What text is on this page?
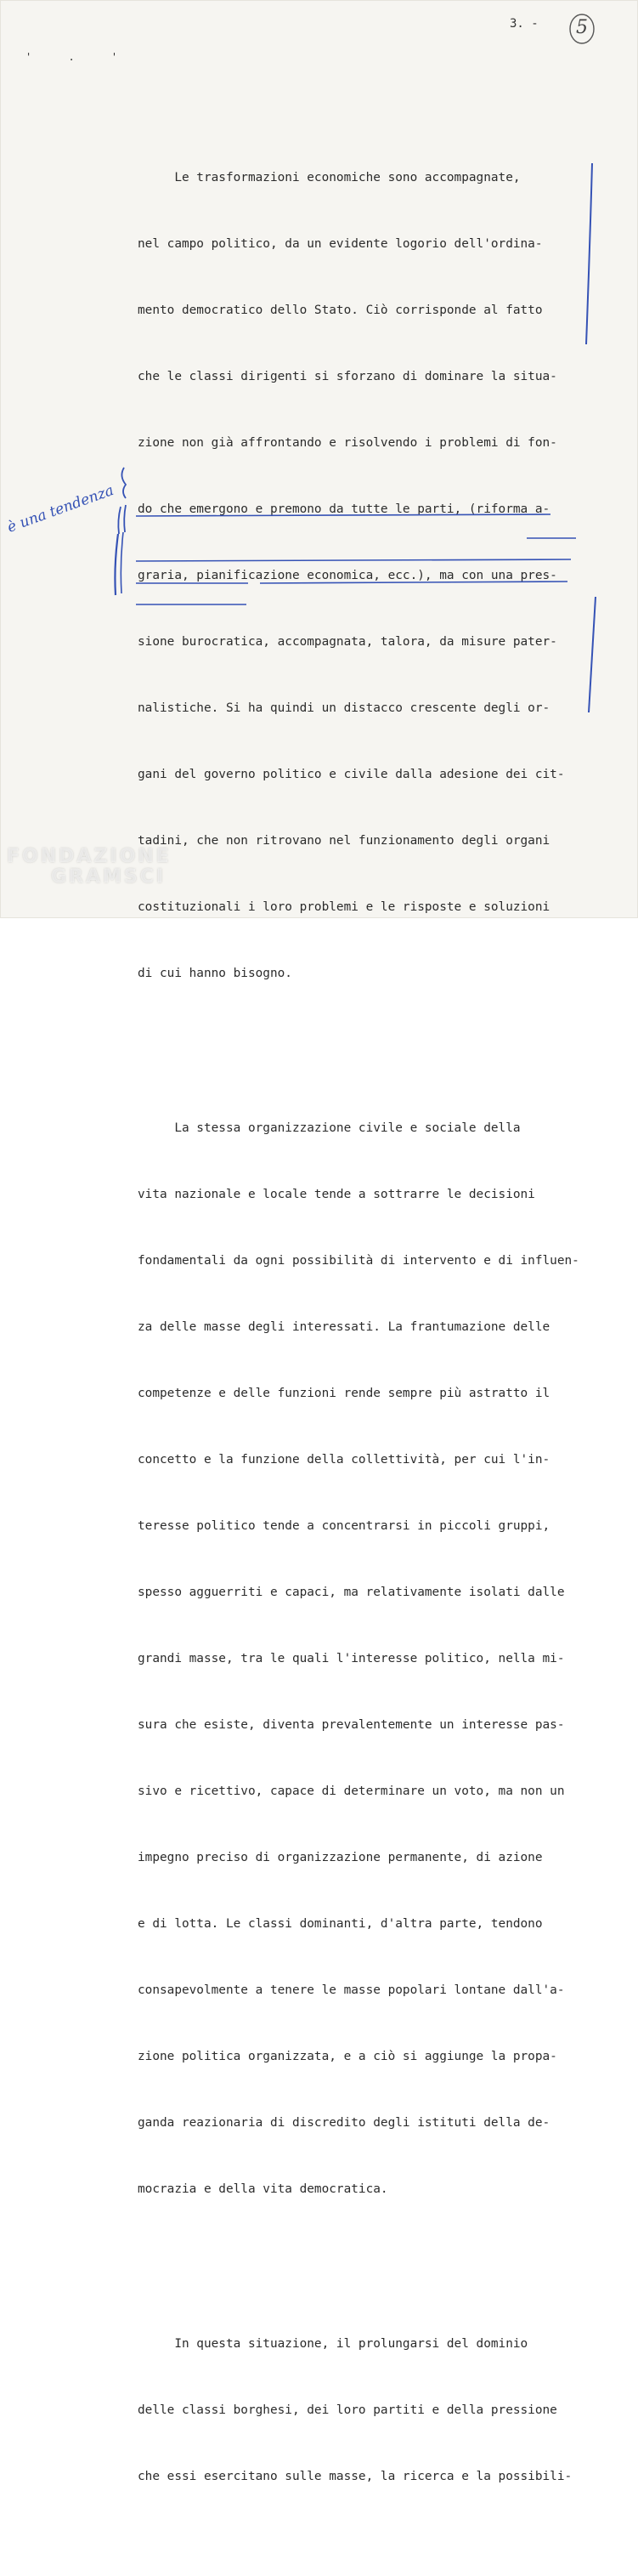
' . '
3. -	5

Le trasformazioni economiche sono accompagnate,

nel campo politico, da un evidente logorio dell'ordina-

mento democratico dello Stato. Ciò corrisponde al fatto

che le classi dirigenti si sforzano di dominare la situa-

zione non già affrontando e risolvendo i problemi di fon-

do che emergono e premono da tutte le parti, (riforma a-

graria, pianificazione economica, ecc.), ma con una pres-

sione burocratica, accompagnata, talora, da misure pater-

nalistiche. Si ha quindi un distacco crescente degli or-

gani del governo politico e civile dalla adesione dei cit-

tadini, che non ritrovano nel funzionamento degli organi

costituzionali i loro problemi e le risposte e soluzioni

di cui hanno bisogno.

La stessa organizzazione civile e sociale della

vita nazionale e locale tende a sottrarre le decisioni

fondamentali da ogni possibilità di intervento e di influen-

za delle masse degli interessati. La frantumazione delle

competenze e delle funzioni rende sempre più astratto il

concetto e la funzione della collettività, per cui l'in-

teresse politico tende a concentrarsi in piccoli gruppi,

spesso agguerriti e capaci, ma relativamente isolati dalle

grandi masse, tra le quali l'interesse politico, nella mi-

sura che esiste, diventa prevalentemente un interesse pas-

sivo e ricettivo, capace di determinare un voto, ma non un

impegno preciso di organizzazione permanente, di azione

e di lotta. Le classi dominanti, d'altra parte, tendono

consapevolmente a tenere le masse popolari lontane dall'a-

zione politica organizzata, e a ciò si aggiunge la propa-

ganda reazionaria di discredito degli istituti della de-

mocrazia e della vita democratica.

In questa situazione, il prolungarsi del dominio

delle classi borghesi, dei loro partiti e della pressione

che essi esercitano sulle masse, la ricerca e la possibili-

è una tendenza
FONDAZIONE
GRAMSCI
